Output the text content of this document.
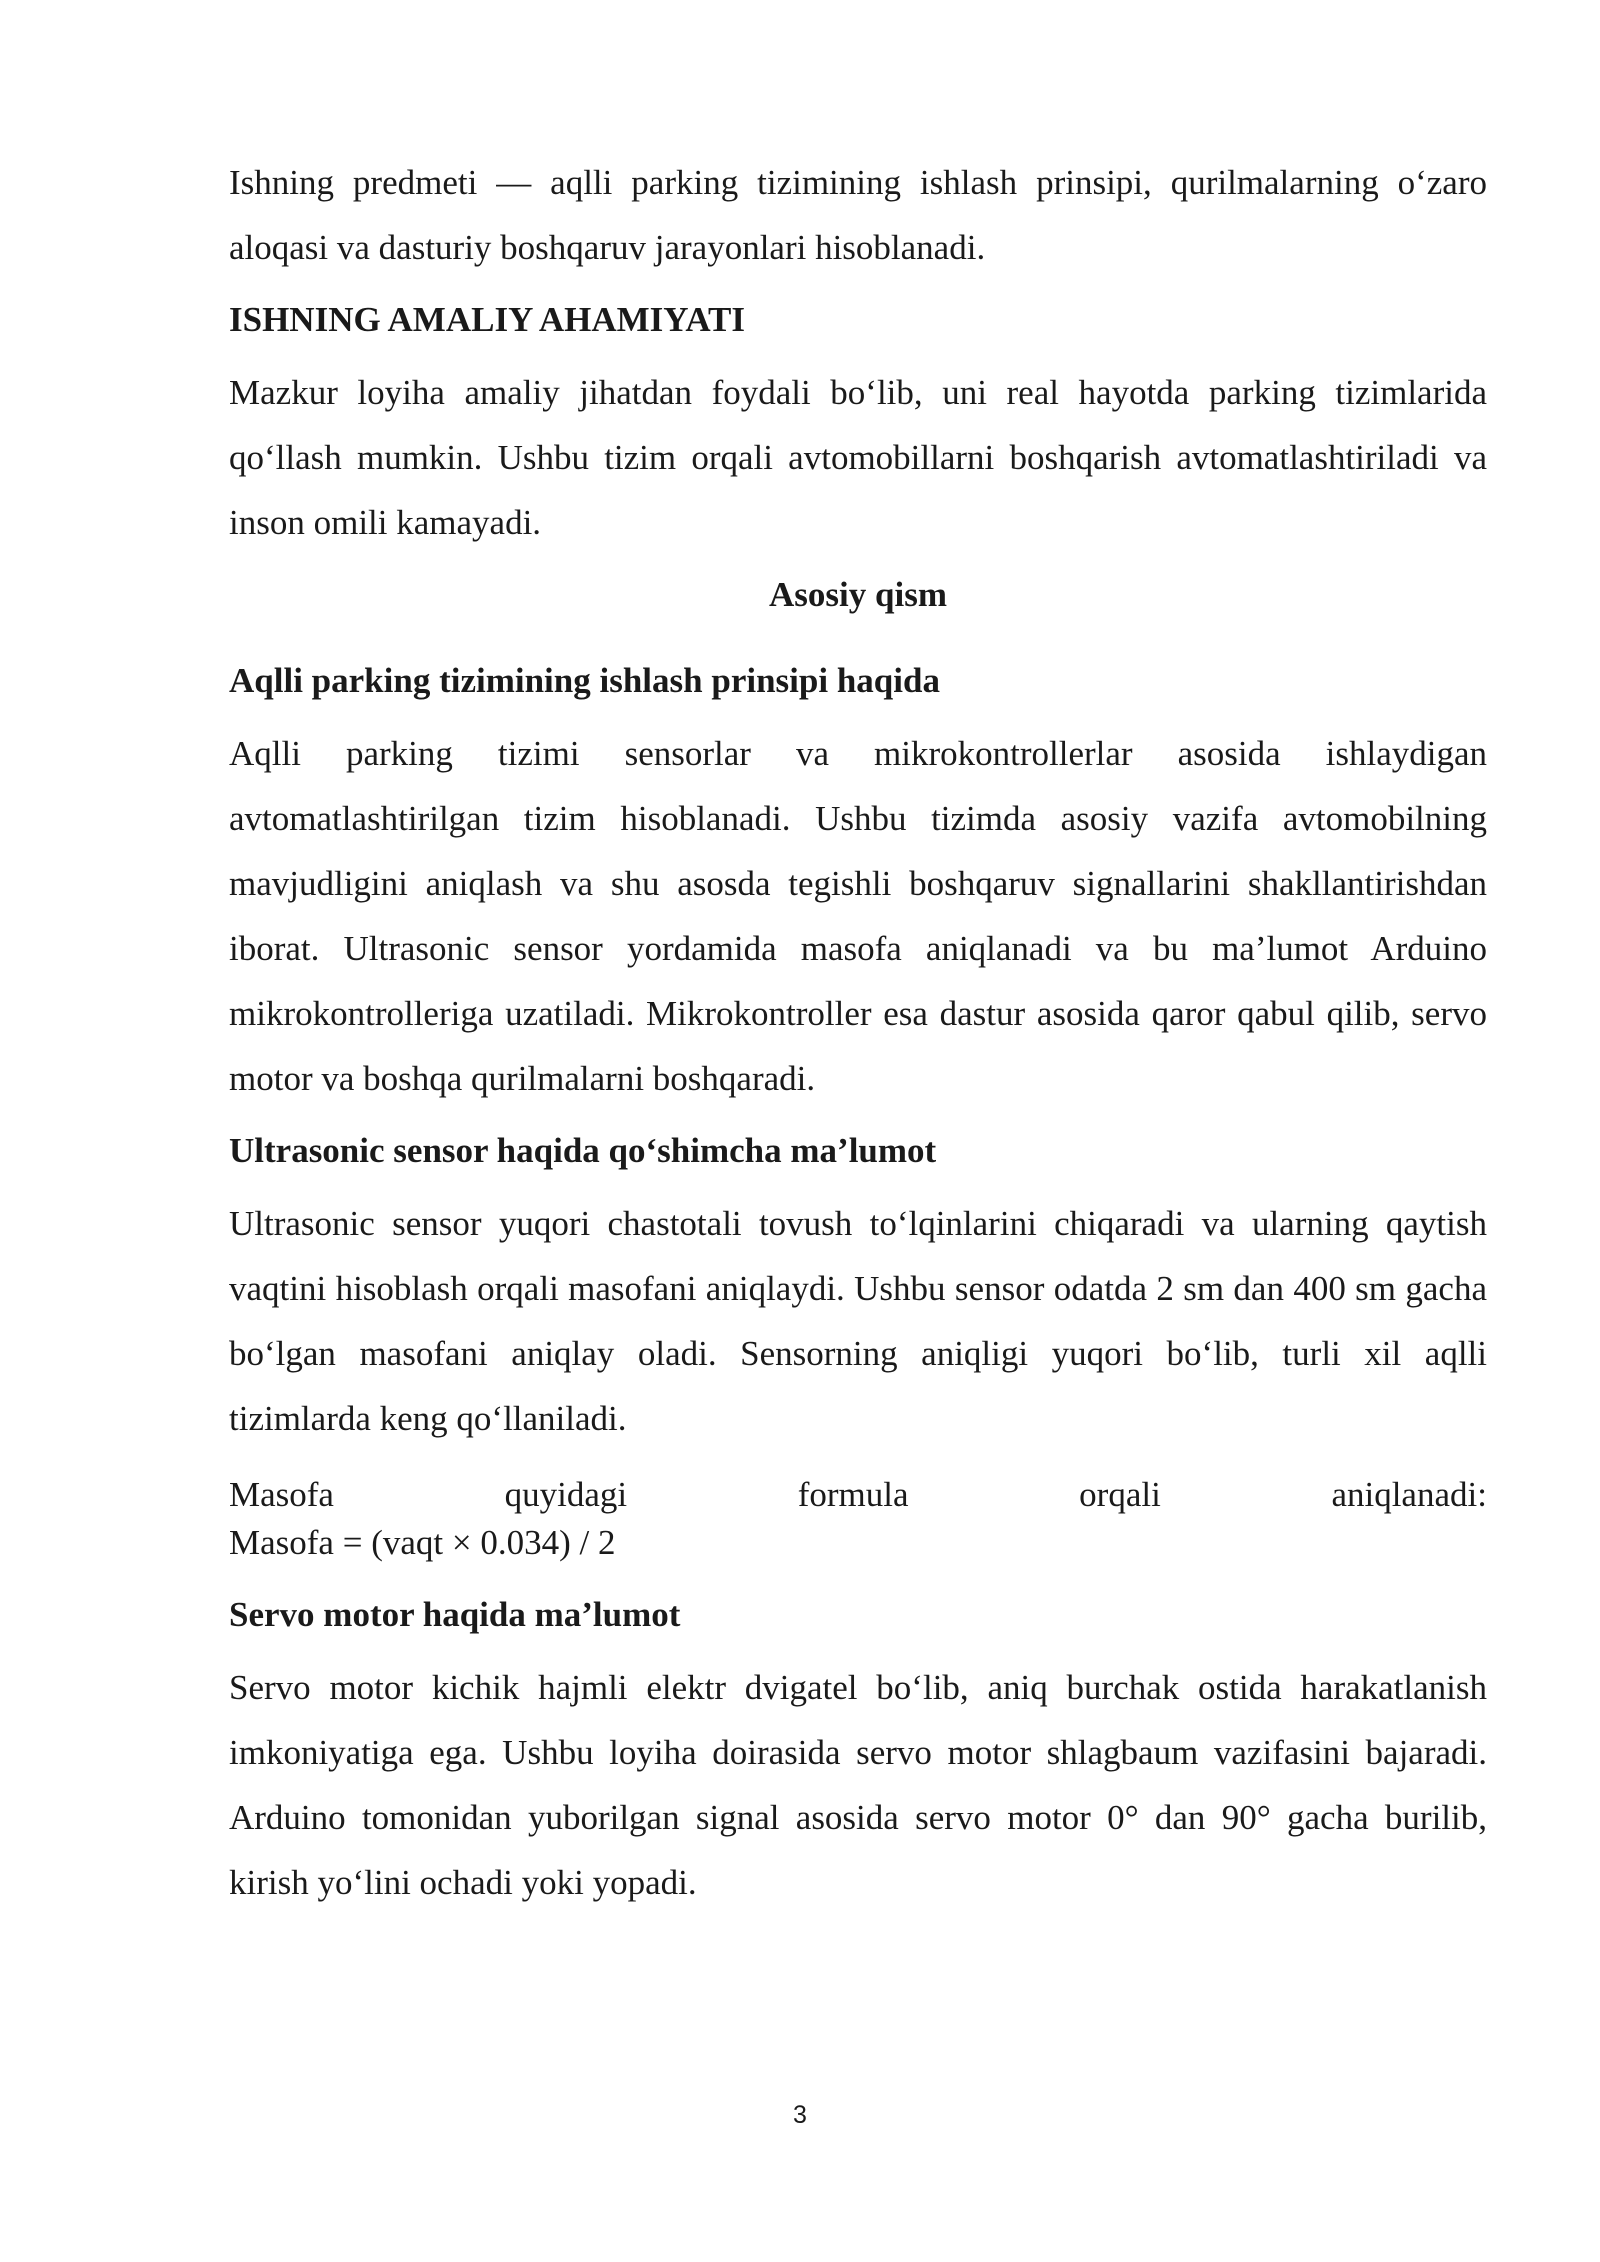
Ishning predmeti — aqlli parking tizimining ishlash prinsipi, qurilmalarning o‘zaro aloqasi va dasturiy boshqaruv jarayonlari hisoblanadi.

ISHNING AMALIY AHAMIYATI

Mazkur loyiha amaliy jihatdan foydali bo‘lib, uni real hayotda parking tizimlarida qo‘llash mumkin. Ushbu tizim orqali avtomobillarni boshqarish avtomatlashtiriladi va inson omili kamayadi.

Asosiy qism
Aqlli parking tizimining ishlash prinsipi haqida

Aqlli parking tizimi sensorlar va mikrokontrollerlar asosida ishlaydigan avtomatlashtirilgan tizim hisoblanadi. Ushbu tizimda asosiy vazifa avtomobilning mavjudligini aniqlash va shu asosda tegishli boshqaruv signallarini shakllantirishdan iborat. Ultrasonic sensor yordamida masofa aniqlanadi va bu ma’lumot Arduino mikrokontrolleriga uzatiladi. Mikrokontroller esa dastur asosida qaror qabul qilib, servo motor va boshqa qurilmalarni boshqaradi.

Ultrasonic sensor haqida qo‘shimcha ma’lumot

Ultrasonic sensor yuqori chastotali tovush to‘lqinlarini chiqaradi va ularning qaytish vaqtini hisoblash orqali masofani aniqlaydi. Ushbu sensor odatda 2 sm dan 400 sm gacha bo‘lgan masofani aniqlay oladi. Sensorning aniqligi yuqori bo‘lib, turli xil aqlli tizimlarda keng qo‘llaniladi.

Masofa	quyidagi	formula	orqali	aniqlanadi:
Masofa = (vaqt × 0.034) / 2
Servo motor haqida ma’lumot

Servo motor kichik hajmli elektr dvigatel bo‘lib, aniq burchak ostida harakatlanish imkoniyatiga ega. Ushbu loyiha doirasida servo motor shlagbaum vazifasini bajaradi. Arduino tomonidan yuborilgan signal asosida servo motor 0° dan 90° gacha burilib, kirish yo‘lini ochadi yoki yopadi.

3
